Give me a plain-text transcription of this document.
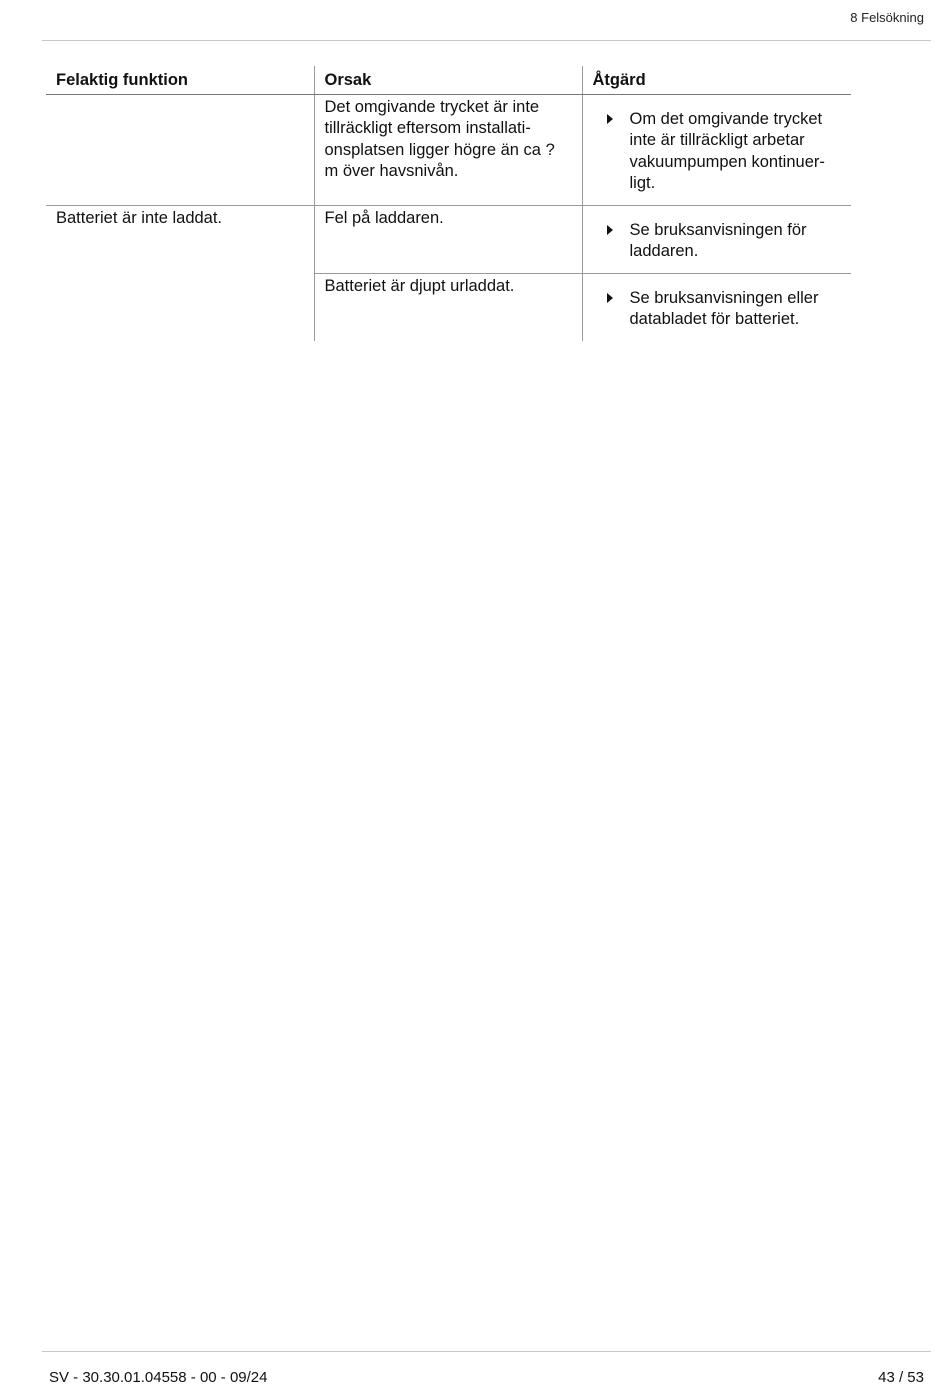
8 Felsökning
Felaktig funktion	Orsak	Åtgärd
	Det omgivande trycket är inte tillräckligt eftersom installationsplatsen ligger högre än ca ? m över havsnivån.	Om det omgivande trycket inte är tillräckligt arbetar vakuumpumpen kontinuerligt.

Batteriet är inte laddat.	Fel på laddaren.	Se bruksanvisningen för laddaren.

	Batteriet är djupt urladdat.	Se bruksanvisningen eller databladet för batteriet.
SV - 30.30.01.04558 - 00 - 09/24	43 / 53
